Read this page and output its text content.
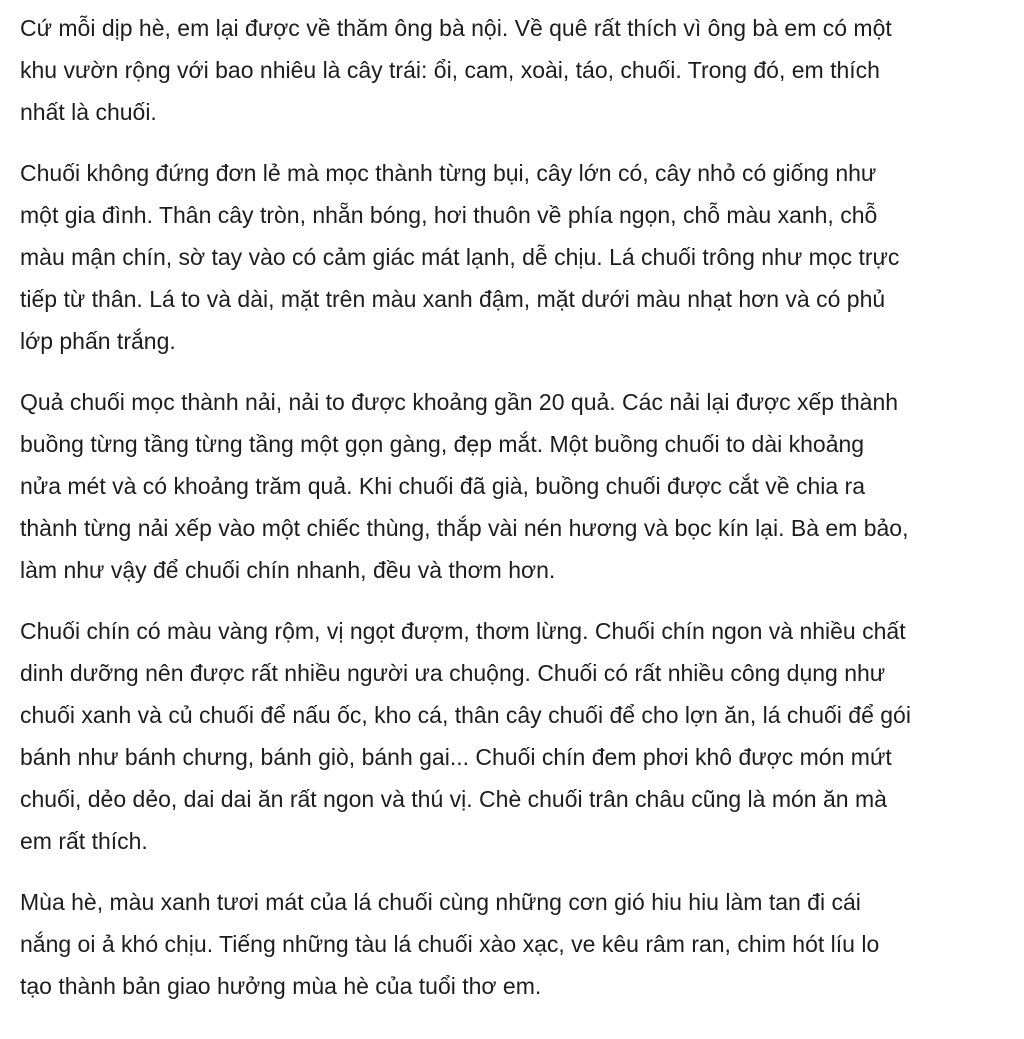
Cứ mỗi dịp hè, em lại được về thăm ông bà nội. Về quê rất thích vì ông bà em có một
khu vườn rộng với bao nhiêu là cây trái: ổi, cam, xoài, táo, chuối. Trong đó, em thích
nhất là chuối.

Chuối không đứng đơn lẻ mà mọc thành từng bụi, cây lớn có, cây nhỏ có giống như
một gia đình. Thân cây tròn, nhẵn bóng, hơi thuôn về phía ngọn, chỗ màu xanh, chỗ
màu mận chín, sờ tay vào có cảm giác mát lạnh, dễ chịu. Lá chuối trông như mọc trực
tiếp từ thân. Lá to và dài, mặt trên màu xanh đậm, mặt dưới màu nhạt hơn và có phủ
lớp phấn trắng.

Quả chuối mọc thành nải, nải to được khoảng gần 20 quả. Các nải lại được xếp thành
buồng từng tầng từng tầng một gọn gàng, đẹp mắt. Một buồng chuối to dài khoảng
nửa mét và có khoảng trăm quả. Khi chuối đã già, buồng chuối được cắt về chia ra
thành từng nải xếp vào một chiếc thùng, thắp vài nén hương và bọc kín lại. Bà em bảo,
làm như vậy để chuối chín nhanh, đều và thơm hơn.

Chuối chín có màu vàng rộm, vị ngọt đượm, thơm lừng. Chuối chín ngon và nhiều chất
dinh dưỡng nên được rất nhiều người ưa chuộng. Chuối có rất nhiều công dụng như
chuối xanh và củ chuối để nấu ốc, kho cá, thân cây chuối để cho lợn ăn, lá chuối để gói
bánh như bánh chưng, bánh giò, bánh gai... Chuối chín đem phơi khô được món mứt
chuối, dẻo dẻo, dai dai ăn rất ngon và thú vị. Chè chuối trân châu cũng là món ăn mà
em rất thích.

Mùa hè, màu xanh tươi mát của lá chuối cùng những cơn gió hiu hiu làm tan đi cái
nắng oi ả khó chịu. Tiếng những tàu lá chuối xào xạc, ve kêu râm ran, chim hót líu lo
tạo thành bản giao hưởng mùa hè của tuổi thơ em.
